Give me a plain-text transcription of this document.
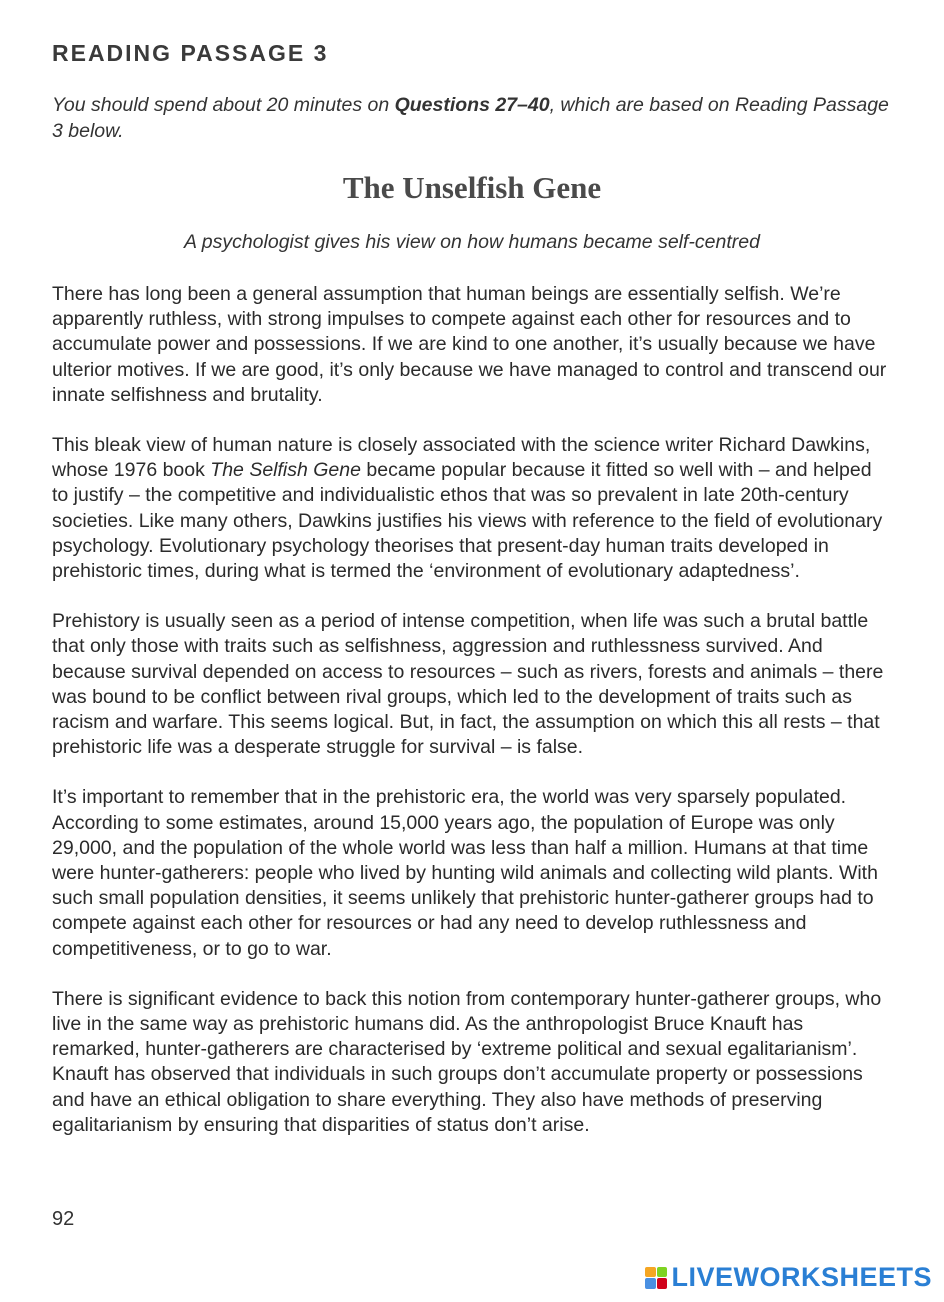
READING PASSAGE 3

You should spend about 20 minutes on Questions 27–40, which are based on Reading Passage 3 below.

The Unselfish Gene

A psychologist gives his view on how humans became self-centred

There has long been a general assumption that human beings are essentially selfish. We’re apparently ruthless, with strong impulses to compete against each other for resources and to accumulate power and possessions. If we are kind to one another, it’s usually because we have ulterior motives. If we are good, it’s only because we have managed to control and transcend our innate selfishness and brutality.

This bleak view of human nature is closely associated with the science writer Richard Dawkins, whose 1976 book The Selfish Gene became popular because it fitted so well with – and helped to justify – the competitive and individualistic ethos that was so prevalent in late 20th-century societies. Like many others, Dawkins justifies his views with reference to the field of evolutionary psychology. Evolutionary psychology theorises that present-day human traits developed in prehistoric times, during what is termed the ‘environment of evolutionary adaptedness’.

Prehistory is usually seen as a period of intense competition, when life was such a brutal battle that only those with traits such as selfishness, aggression and ruthlessness survived. And because survival depended on access to resources – such as rivers, forests and animals – there was bound to be conflict between rival groups, which led to the development of traits such as racism and warfare. This seems logical. But, in fact, the assumption on which this all rests – that prehistoric life was a desperate struggle for survival – is false.

It’s important to remember that in the prehistoric era, the world was very sparsely populated. According to some estimates, around 15,000 years ago, the population of Europe was only 29,000, and the population of the whole world was less than half a million. Humans at that time were hunter-gatherers: people who lived by hunting wild animals and collecting wild plants. With such small population densities, it seems unlikely that prehistoric hunter-gatherer groups had to compete against each other for resources or had any need to develop ruthlessness and competitiveness, or to go to war.

There is significant evidence to back this notion from contemporary hunter-gatherer groups, who live in the same way as prehistoric humans did. As the anthropologist Bruce Knauft has remarked, hunter-gatherers are characterised by ‘extreme political and sexual egalitarianism’. Knauft has observed that individuals in such groups don’t accumulate property or possessions and have an ethical obligation to share everything. They also have methods of preserving egalitarianism by ensuring that disparities of status don’t arise.

92

LIVEWORKSHEETS
